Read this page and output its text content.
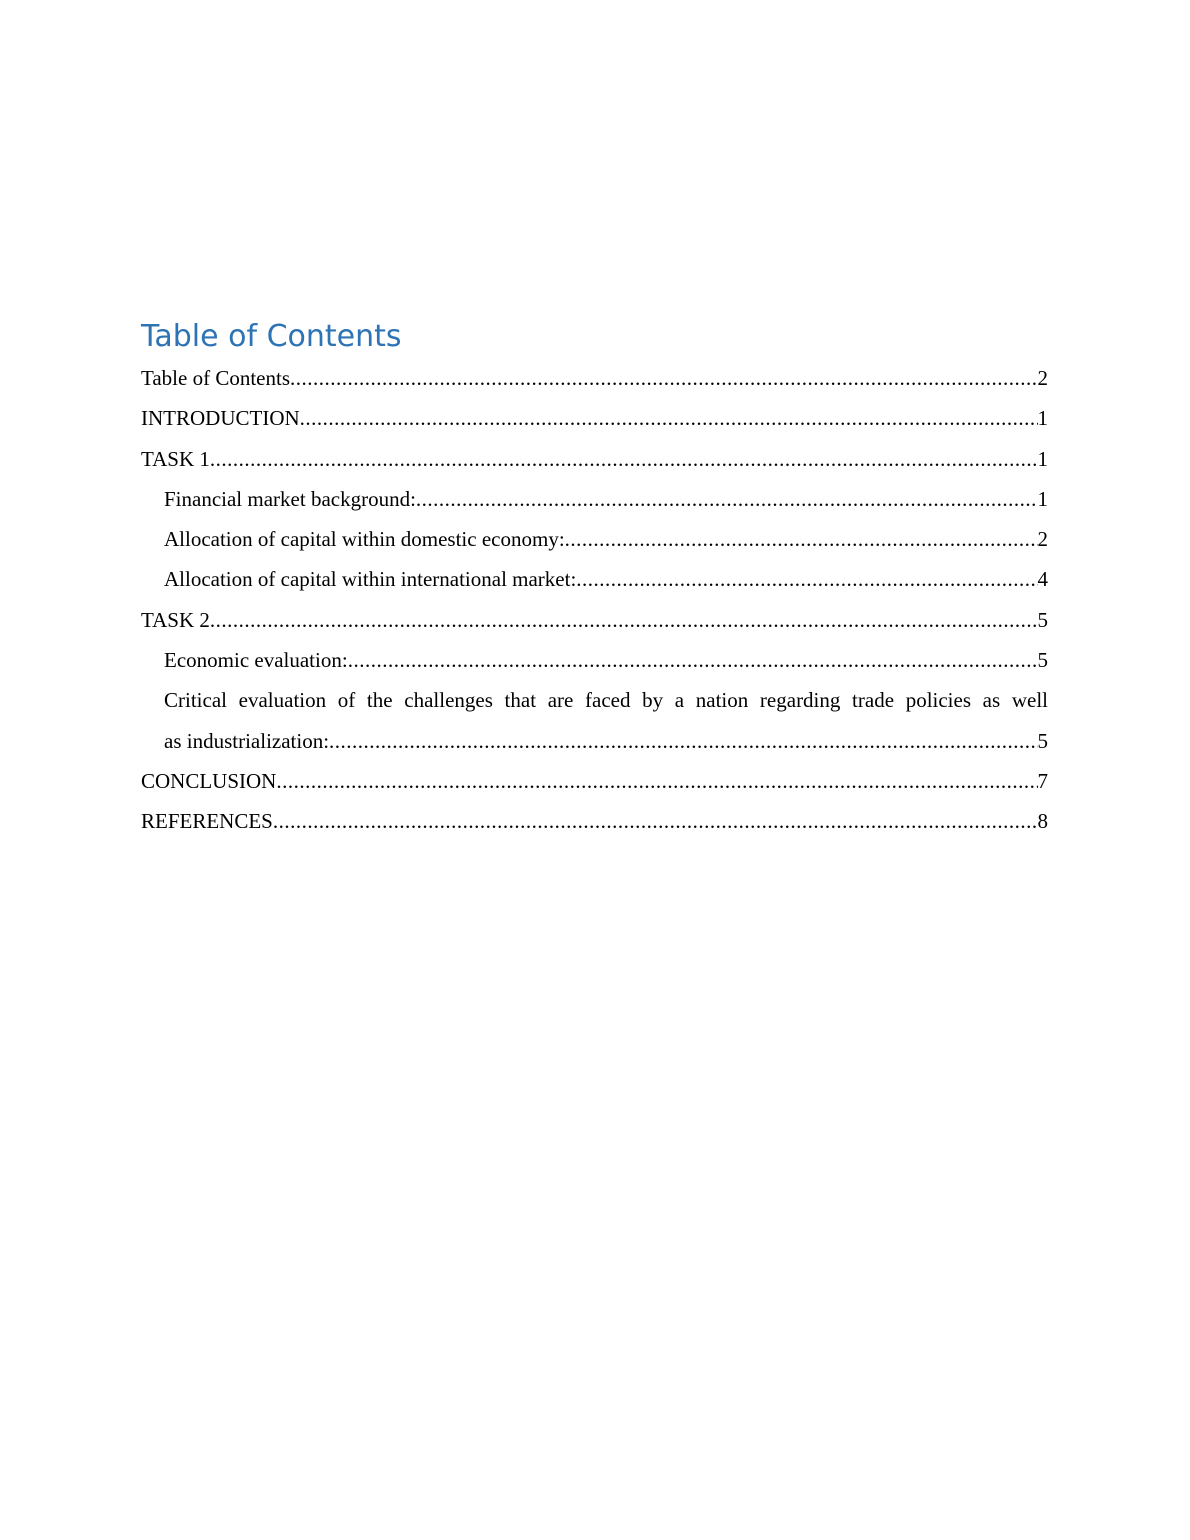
Table of Contents
Table of Contents .....	2
INTRODUCTION .....	1
TASK 1 .....	1
Financial market background: .....	1
Allocation of capital within domestic economy: .....	2
Allocation of capital within international market: .....	4
TASK 2 .....	5
Economic evaluation: .....	5
Critical evaluation of the challenges that are faced by a nation regarding trade policies as well
as industrialization: .....	5
CONCLUSION .....	7
REFERENCES .....	8
